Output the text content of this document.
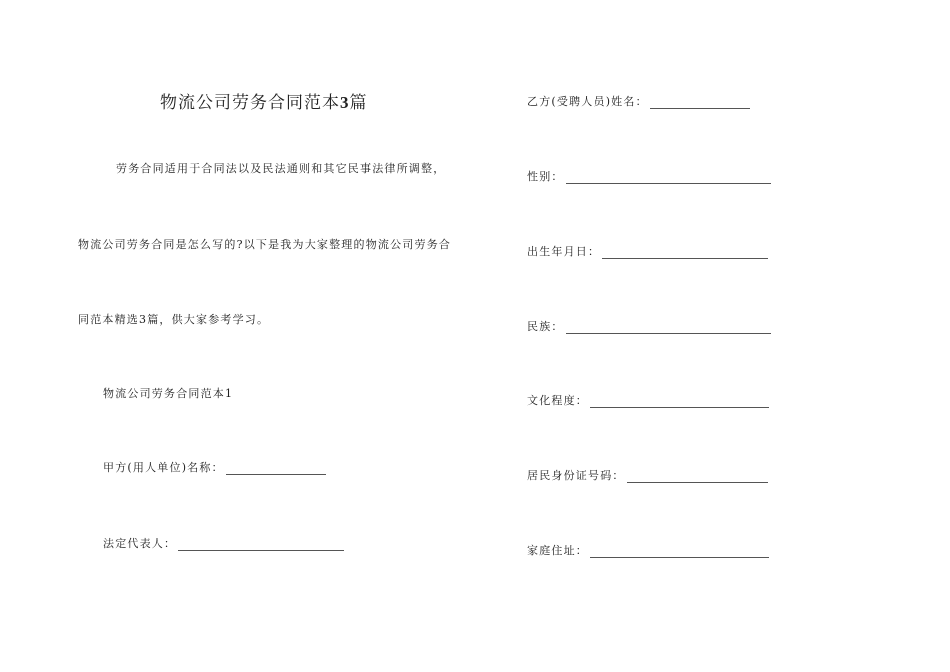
物流公司劳务合同范本3篇
劳务合同适用于合同法以及民法通则和其它民事法律所调整，
物流公司劳务合同是怎么写的?以下是我为大家整理的物流公司劳务合
同范本精选3篇，供大家参考学习。
物流公司劳务合同范本1
甲方(用人单位)名称：
法定代表人：
乙方(受聘人员)姓名：
性别：
出生年月日：
民族：
文化程度：
居民身份证号码：
家庭住址：
